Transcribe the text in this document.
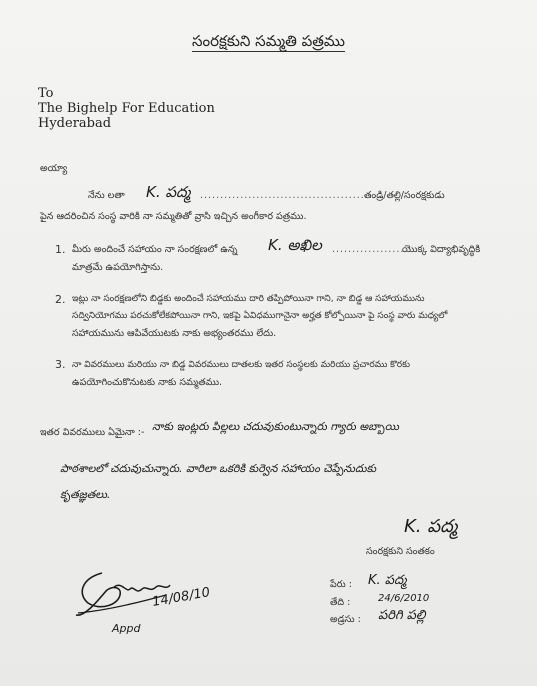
సంరక్షకుని సమ్మతి పత్రము
To
The Bighelp For Education
Hyderabad
అయ్యా
నేను లతా K. పద్మ ..............................................
తండ్రి/తల్లి/సంరక్షకుడు
పైన ఆదరించిన సంస్థ వారికి నా సమ్మతితో వ్రాసి ఇచ్చిన అంగీకార పత్రము.
1. మీరు అందించే సహాయం నా సంరక్షణలో ఉన్న K. అఖిల ...................
యొక్క విద్యాభివృద్ధికి
మాత్రమే ఉపయోగిస్తాను.
2. ఇట్లు నా సంరక్షణలోని బిడ్డకు అందించే సహాయము దారి తప్పిపోయినా గాని, నా బిడ్డ ఆ సహాయమును
సద్వినియోగము పరచుకోలేకపోయినా గాని, ఇకపై ఏవిధముగానైనా అర్హత కోల్పోయినా పై సంస్థ వారు మధ్యలో
సహాయమును ఆపివేయుటకు నాకు అభ్యంతరము లేదు.
3. నా వివరములు మరియు నా బిడ్డ వివరములు దాతలకు ఇతర సంస్థలకు మరియు ప్రచారము కొరకు
ఉపయోగించుకొనుటకు నాకు సమ్మతము.
ఇతర వివరములు ఏమైనా :- నాకు ఇంట్లరు పిల్లలు చదువుకుంటున్నారు గ్యారు అబ్బాయి
పాఠశాలలో చదువుచున్నారు. వారిలా ఒకరికి కుర్వెన సహాయం చెప్పేనుదుకు
కృతజ్ఞతలు.
K. పద్మ
సంరక్షకుని సంతకం
పేరు : K. పద్మ
తేది :	24/6/2010
అడ్రసు : పరిగి పల్లి
14/08/10
Appd
